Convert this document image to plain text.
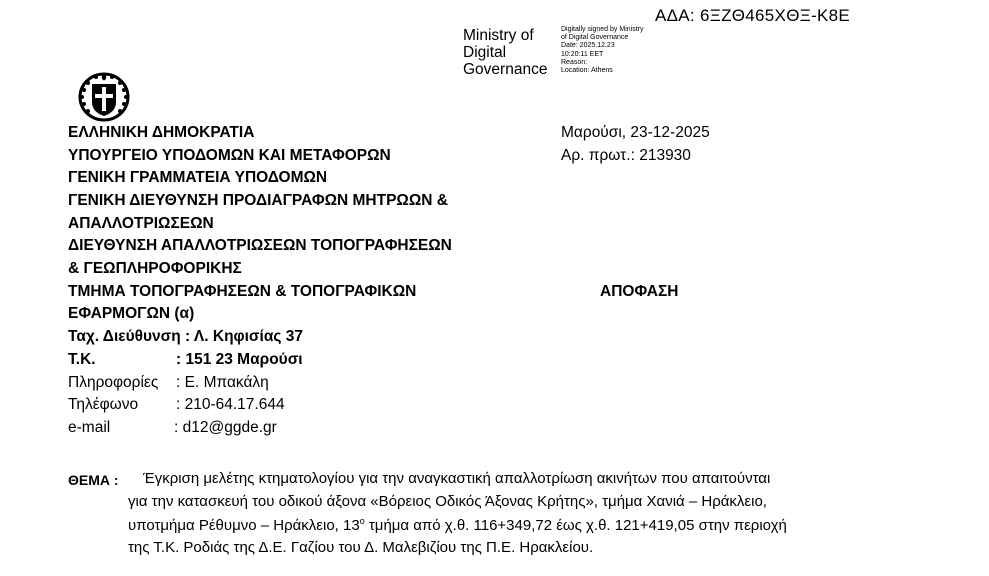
ΑΔΑ: 6ΞΖΘ465ΧΘΞ-Κ8Ε
Ministry of
Digital
Governance
Digitally signed by Ministry
of Digital Governance
Date: 2025.12.23
10:20:11 EET
Reason:
Location: Athens
ΕΛΛΗΝΙΚΗ ΔΗΜΟΚΡΑΤΙΑ
ΥΠΟΥΡΓΕΙΟ ΥΠΟΔΟΜΩΝ ΚΑΙ ΜΕΤΑΦΟΡΩΝ
ΓΕΝΙΚΗ ΓΡΑΜΜΑΤΕΙΑ ΥΠΟΔΟΜΩΝ
ΓΕΝΙΚΗ ΔΙΕΥΘΥΝΣΗ ΠΡΟΔΙΑΓΡΑΦΩΝ ΜΗΤΡΩΩΝ &
ΑΠΑΛΛΟΤΡΙΩΣΕΩΝ
ΔΙΕΥΘΥΝΣΗ ΑΠΑΛΛΟΤΡΙΩΣΕΩΝ ΤΟΠΟΓΡΑΦΗΣΕΩΝ
& ΓΕΩΠΛΗΡΟΦΟΡΙΚΗΣ
ΤΜΗΜΑ ΤΟΠΟΓΡΑΦΗΣΕΩΝ & ΤΟΠΟΓΡΑΦΙΚΩΝ
ΕΦΑΡΜΟΓΩΝ (α)
Ταχ. Διεύθυνση : Λ. Κηφισίας 37
Τ.Κ.	: 151 23 Μαρούσι
Πληροφορίες : Ε. Μπακάλη
Τηλέφωνο : 210-64.17.644
e-mail	: d12@ggde.gr
Μαρούσι, 23-12-2025
Αρ. πρωτ.: 213930
ΑΠΟΦΑΣΗ
ΘΕΜΑ : Έγκριση μελέτης κτηματολογίου για την αναγκαστική απαλλοτρίωση ακινήτων που απαιτούνται
για την κατασκευή του οδικού άξονα «Βόρειος Οδικός Άξονας Κρήτης», τμήμα Χανιά – Ηράκλειο,
υποτμήμα Ρέθυμνο – Ηράκλειο, $13^o$ τμήμα από χ.θ. 116+349,72 έως χ.θ. 121+419,05 στην περιοχή
της Τ.Κ. Ροδιάς της Δ.Ε. Γαζίου του Δ. Μαλεβιζίου της Π.Ε. Ηρακλείου.
